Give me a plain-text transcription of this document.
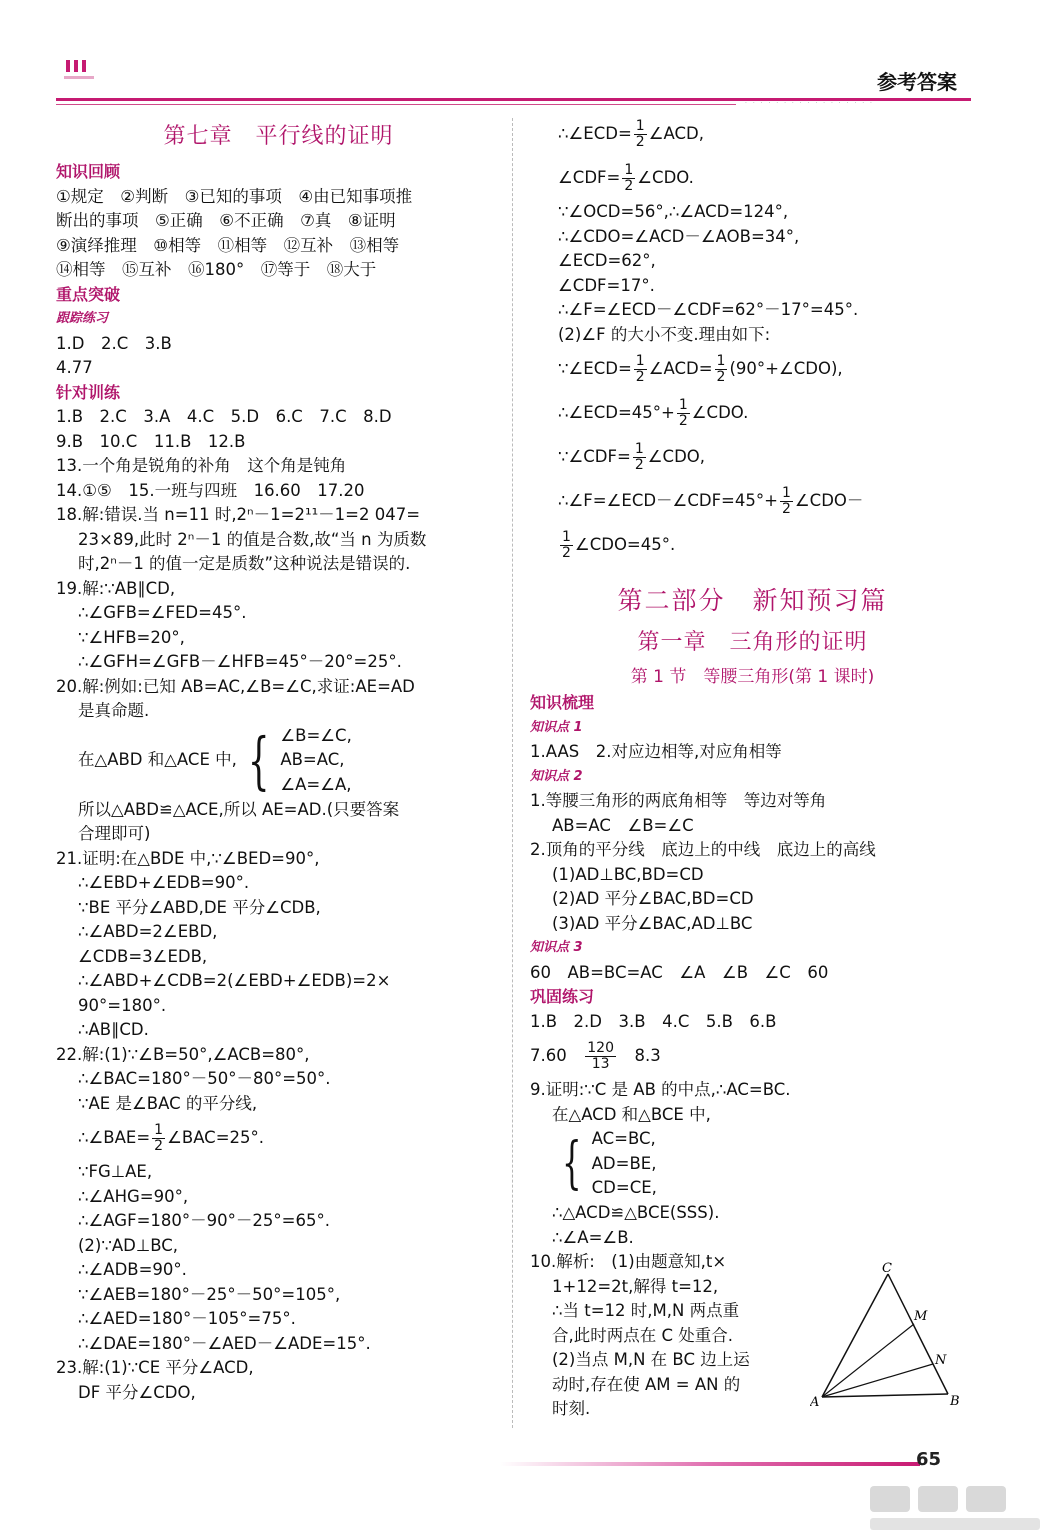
参考答案
· · · · · · · · · · · · · · · · ·
第七章　平行线的证明
知识回顾
①规定　②判断　③已知的事项　④由已知事项推
断出的事项　⑤正确　⑥不正确　⑦真　⑧证明
⑨演绎推理　⑩相等　⑪相等　⑫互补　⑬相等
⑭相等　⑮互补　⑯180°　⑰等于　⑱大于
重点突破
跟踪练习
1.D　2.C　3.B
4.77
针对训练
1.B　2.C　3.A　4.C　5.D　6.C　7.C　8.D
9.B　10.C　11.B　12.B
13.一个角是锐角的补角　这个角是钝角
14.①⑤　15.一班与四班　16.60　17.20
18.解:错误.当 n=11 时,2ⁿ－1=2¹¹－1=2 047=
23×89,此时 2ⁿ－1 的值是合数,故“当 n 为质数
时,2ⁿ－1 的值一定是质数”这种说法是错误的.
19.解:∵AB∥CD,
∴∠GFB=∠FED=45°.
∵∠HFB=20°,
∴∠GFH=∠GFB－∠HFB=45°－20°=25°.
20.解:例如:已知 AB=AC,∠B=∠C,求证:AE=AD
是真命题.
在△ABD 和△ACE 中, { ∠B=∠C,
AB=AC,
∠A=∠A,
所以△ABD≌△ACE,所以 AE=AD.(只要答案
合理即可)
21.证明:在△BDE 中,∵∠BED=90°,
∴∠EBD+∠EDB=90°.
∵BE 平分∠ABD,DE 平分∠CDB,
∴∠ABD=2∠EBD,
∠CDB=3∠EDB,
∴∠ABD+∠CDB=2(∠EBD+∠EDB)=2×
90°=180°.
∴AB∥CD.
22.解:(1)∵∠B=50°,∠ACB=80°,
∴∠BAC=180°－50°－80°=50°.
∵AE 是∠BAC 的平分线,
∴∠BAE= $\frac{1}{2}$ ∠BAC=25°.
∵FG⊥AE,
∴∠AHG=90°,
∴∠AGF=180°－90°－25°=65°.
(2)∵AD⊥BC,
∴∠ADB=90°.
∵∠AEB=180°－25°－50°=105°,
∴∠AED=180°－105°=75°.
∴∠DAE=180°－∠AED－∠ADE=15°.
23.解:(1)∵CE 平分∠ACD,
DF 平分∠CDO,
∴∠ECD= $\frac{1}{2}$ ∠ACD,
∠CDF= $\frac{1}{2}$ ∠CDO.
∵∠OCD=56°,∴∠ACD=124°,
∴∠CDO=∠ACD－∠AOB=34°,
∠ECD=62°,
∠CDF=17°.
∴∠F=∠ECD－∠CDF=62°－17°=45°.
(2)∠F 的大小不变.理由如下:
∵∠ECD= $\frac{1}{2}$ ∠ACD= $\frac{1}{2}$ (90°+∠CDO),
∴∠ECD=45°+ $\frac{1}{2}$ ∠CDO.
∵∠CDF= $\frac{1}{2}$ ∠CDO,
∴∠F=∠ECD－∠CDF=45°+ $\frac{1}{2}$ ∠CDO－
$\frac{1}{2}$ ∠CDO=45°.
第二部分　新知预习篇
第一章　三角形的证明
第 1 节　等腰三角形(第 1 课时)
知识梳理
知识点 1
1.AAS　2.对应边相等,对应角相等
知识点 2
1.等腰三角形的两底角相等　等边对等角
AB=AC　∠B=∠C
2.顶角的平分线　底边上的中线　底边上的高线
(1)AD⊥BC,BD=CD
(2)AD 平分∠BAC,BD=CD
(3)AD 平分∠BAC,AD⊥BC
知识点 3
60　AB=BC=AC　∠A　∠B　∠C　60
巩固练习
1.B　2.D　3.B　4.C　5.B　6.B
7.60　 $\frac{120}{13}$ 　8.3
9.证明:∵C 是 AB 的中点,∴AC=BC.
在△ACD 和△BCE 中,
{ AC=BC,
AD=BE,
CD=CE,
∴△ACD≌△BCE(SSS).
∴∠A=∠B.
10.解析:　(1)由题意知,t×
1+12=2t,解得 t=12,
∴当 t=12 时,M,N 两点重
合,此时两点在 C 处重合.
(2)当点 M,N 在 BC 边上运
动时,存在使 AM = AN 的
时刻.
C
M
N
A	B
65
